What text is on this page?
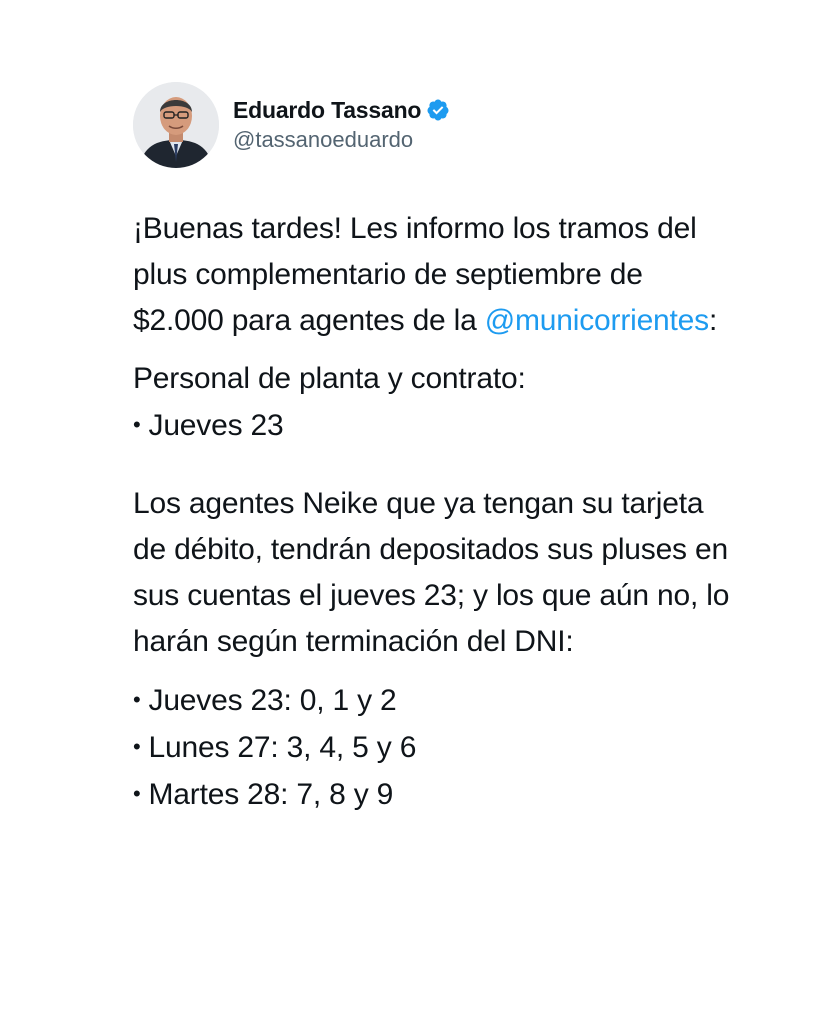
Eduardo Tassano
@tassanoeduardo

¡Buenas tardes! Les informo los tramos del plus complementario de septiembre de $2.000 para agentes de la @municorrientes:

Personal de planta y contrato:
• Jueves 23

Los agentes Neike que ya tengan su tarjeta de débito, tendrán depositados sus pluses en sus cuentas el jueves 23; y los que aún no, lo harán según terminación del DNI:

• Jueves 23: 0, 1 y 2
• Lunes 27: 3, 4, 5 y 6
• Martes 28: 7, 8 y 9
